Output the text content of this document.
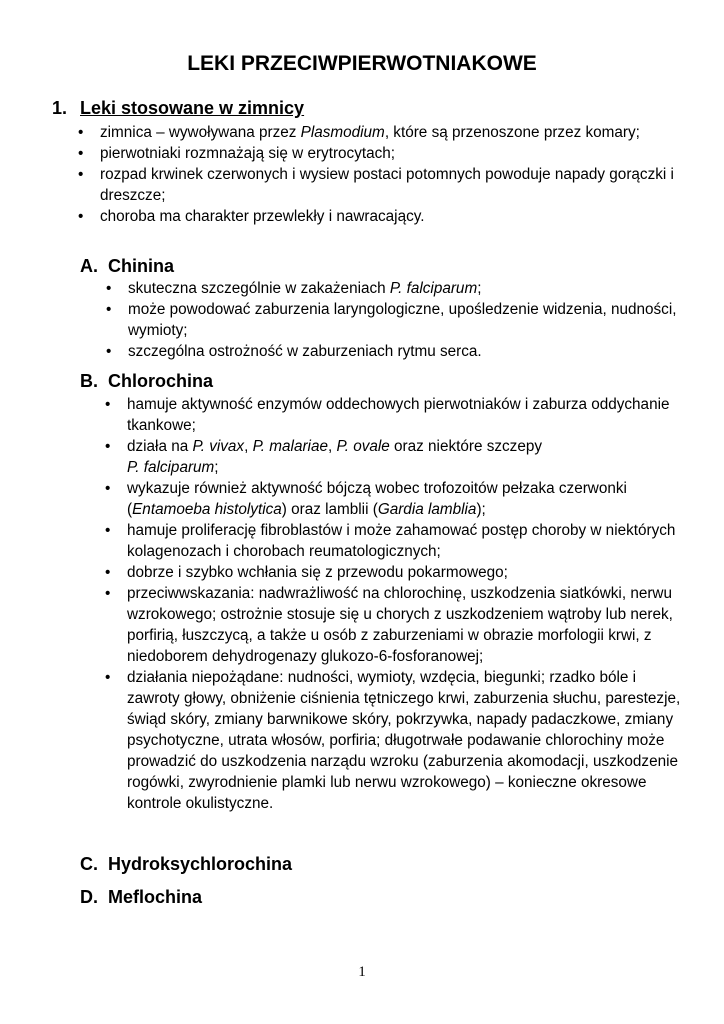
LEKI PRZECIWPIERWOTNIAKOWE
1. Leki stosowane w zimnicy
• zimnica – wywoływana przez Plasmodium, które są przenoszone przez komary;
• pierwotniaki rozmnażają się w erytrocytach;
• rozpad krwinek czerwonych i wysiew postaci potomnych powoduje napady gorączki i dreszcze;
• choroba ma charakter przewlekły i nawracający.
A. Chinina
• skuteczna szczególnie w zakażeniach P. falciparum;
• może powodować zaburzenia laryngologiczne, upośledzenie widzenia, nudności, wymioty;
• szczególna ostrożność w zaburzeniach rytmu serca.
B. Chlorochina
• hamuje aktywność enzymów oddechowych pierwotniaków i zaburza oddychanie tkankowe;
• działa na P. vivax, P. malariae, P. ovale oraz niektóre szczepy
P. falciparum;
• wykazuje również aktywność bójczą wobec trofozoitów pełzaka czerwonki (Entamoeba histolytica) oraz lamblii (Gardia lamblia);
• hamuje proliferację fibroblastów i może zahamować postęp choroby w niektórych kolagenozach i chorobach reumatologicznych;
• dobrze i szybko wchłania się z przewodu pokarmowego;
• przeciwwskazania: nadwrażliwość na chlorochinę, uszkodzenia siatkówki, nerwu wzrokowego; ostrożnie stosuje się u chorych z uszkodzeniem wątroby lub nerek, porfirią, łuszczycą, a także u osób z zaburzeniami w obrazie morfologii krwi, z niedoborem dehydrogenazy glukozo-6-fosforanowej;
• działania niepożądane: nudności, wymioty, wzdęcia, biegunki; rzadko bóle i zawroty głowy, obniżenie ciśnienia tętniczego krwi, zaburzenia słuchu, parestezje, świąd skóry, zmiany barwnikowe skóry, pokrzywka, napady padaczkowe, zmiany psychotyczne, utrata włosów, porfiria; długotrwałe podawanie chlorochiny może prowadzić do uszkodzenia narządu wzroku (zaburzenia akomodacji, uszkodzenie rogówki, zwyrodnienie plamki lub nerwu wzrokowego) – konieczne okresowe kontrole okulistyczne.
C. Hydroksychlorochina
D. Meflochina
1
